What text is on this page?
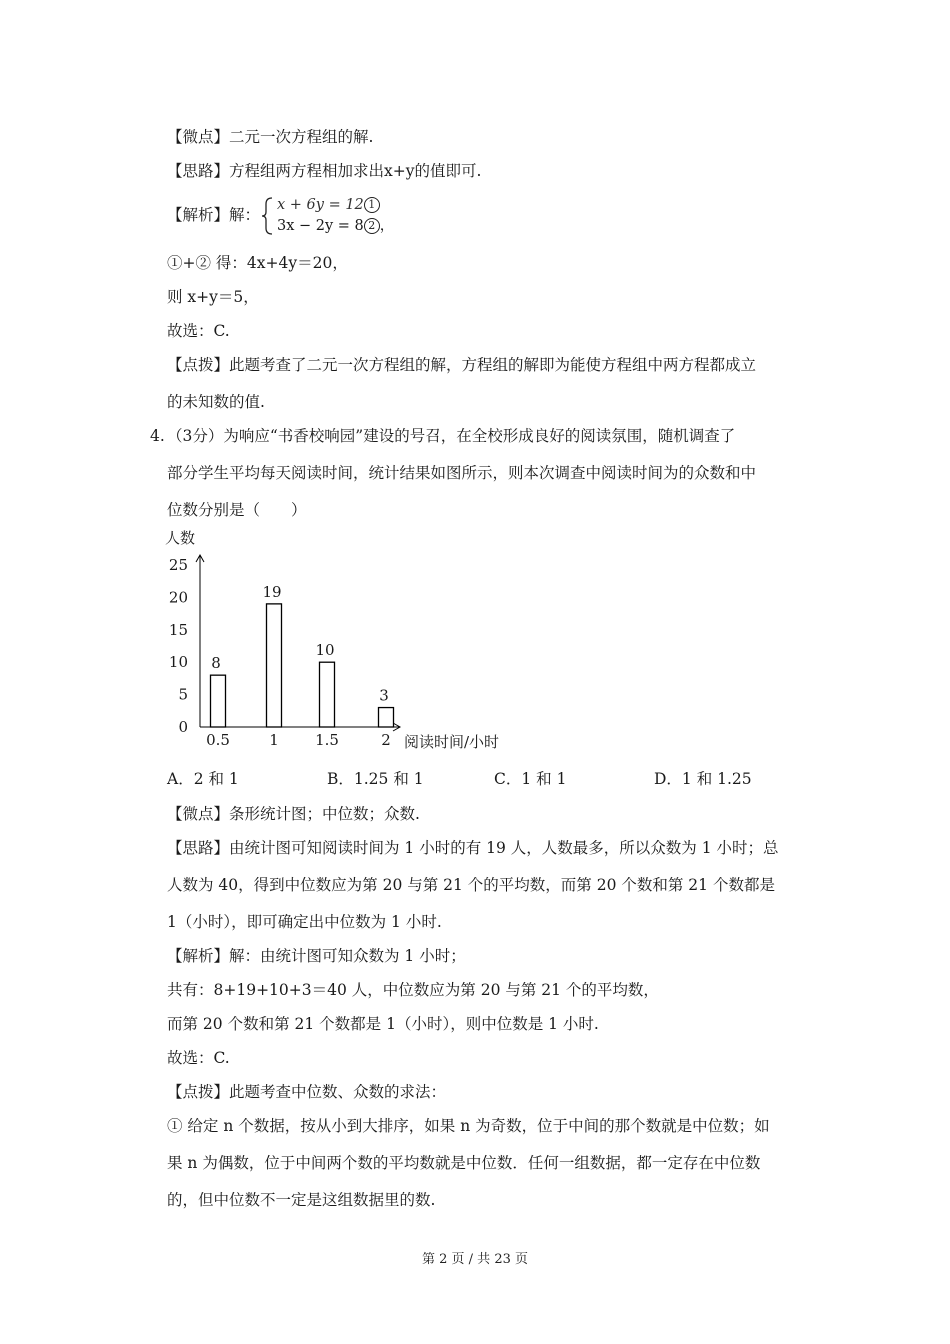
【微点】二元一次方程组的解.
【思路】方程组两方程相加求出x+y的值即可.
【解析】解：
x + 6y = 12 1
3x − 2y = 8 2 ，
①+② 得：4x+4y＝20，
则 x+y＝5，
故选：C.
【点拨】此题考查了二元一次方程组的解，方程组的解即为能使方程组中两方程都成立
的未知数的值.
4. （3分）为响应“书香校响园”建设的号召，在全校形成良好的阅读氛围，随机调查了
部分学生平均每天阅读时间，统计结果如图所示，则本次调查中阅读时间为的众数和中
位数分别是（　　）
0
5
10
15
20
25
8
19
10
3
0.5	1 1.5	2
人数
阅读时间/小时
A．2 和 1	B．1.25 和 1	C．1 和 1	D．1 和 1.25
【微点】条形统计图；中位数；众数.
【思路】由统计图可知阅读时间为 1 小时的有 19 人，人数最多，所以众数为 1 小时；总
人数为 40，得到中位数应为第 20 与第 21 个的平均数，而第 20 个数和第 21 个数都是
1（小时），即可确定出中位数为 1 小时.
【解析】解：由统计图可知众数为 1 小时；
共有：8+19+10+3＝40 人，中位数应为第 20 与第 21 个的平均数，
而第 20 个数和第 21 个数都是 1（小时），则中位数是 1 小时.
故选：C.
【点拨】此题考查中位数、众数的求法：
① 给定 n 个数据，按从小到大排序，如果 n 为奇数，位于中间的那个数就是中位数；如
果 n 为偶数，位于中间两个数的平均数就是中位数．任何一组数据，都一定存在中位数
的，但中位数不一定是这组数据里的数.
第 2 页 / 共 23 页
